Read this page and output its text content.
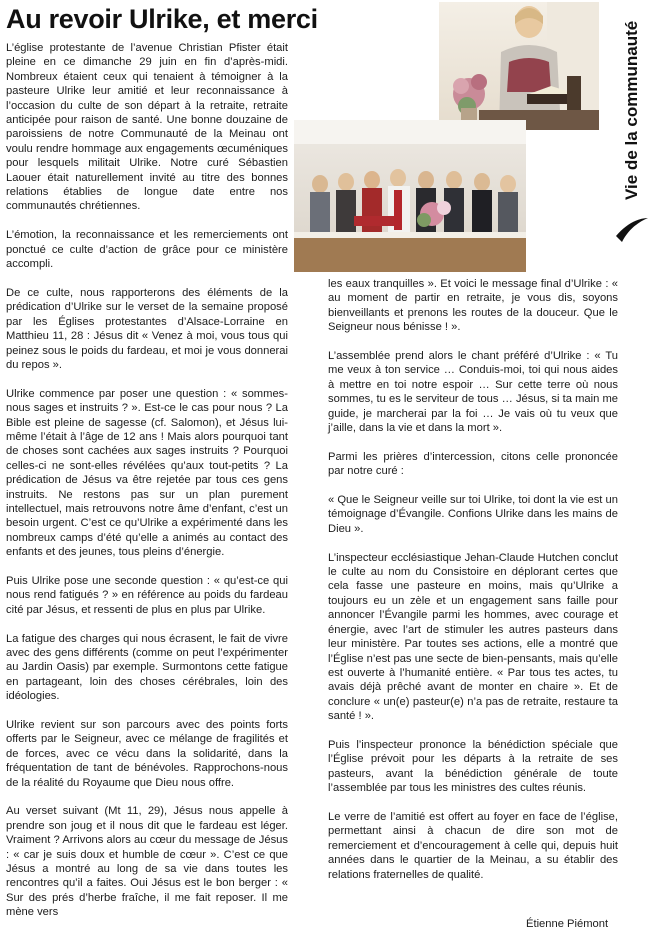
Au revoir Ulrike, et merci
Vie de la communauté

L’église protestante de l’avenue Christian Pfister était pleine en ce dimanche 29 juin en fin d’après-midi. Nombreux étaient ceux qui tenaient à témoigner à la pasteure Ulrike leur amitié et leur reconnaissance à l’occasion du culte de son départ à la retraite, retraite anticipée pour raison de santé. Une bonne douzaine de paroissiens de notre Communauté de la Meinau ont voulu rendre hommage aux engagements œcuméniques pour lesquels militait Ulrike. Notre curé Sébastien Laouer était naturellement invité au titre des bonnes relations établies de longue date entre nos communautés chrétiennes.

L’émotion, la reconnaissance et les remerciements ont ponctué ce culte d’action de grâce pour ce ministère accompli.

De ce culte, nous rapporterons des éléments de la prédication d’Ulrike sur le verset de la semaine proposé par les Églises protestantes d’Alsace-Lorraine en Matthieu 11, 28 : Jésus dit « Venez à moi, vous tous qui peinez sous le poids du fardeau, et moi je vous donnerai du repos ».

Ulrike commence par poser une question : « sommes-nous sages et instruits ? ». Est-ce le cas pour nous ? La Bible est pleine de sagesse (cf. Salomon), et Jésus lui-même l’était à l’âge de 12 ans ! Mais alors pourquoi tant de choses sont cachées aux sages instruits ? Pourquoi celles-ci ne sont-elles révélées qu’aux tout-petits ? La prédication de Jésus va être rejetée par tous ces gens instruits. Ne restons pas sur un plan purement intellectuel, mais retrouvons notre âme d’enfant, c’est un besoin urgent. C’est ce qu’Ulrike a expérimenté dans les nombreux camps d’été qu’elle a animés au contact des enfants et des jeunes, tous pleins d’énergie.

Puis Ulrike pose une seconde question : « qu’est-ce qui nous rend fatigués ? » en référence au poids du fardeau cité par Jésus, et ressenti de plus en plus par Ulrike.

La fatigue des charges qui nous écrasent, le fait de vivre avec des gens différents (comme on peut l’expérimenter au Jardin Oasis) par exemple. Surmontons cette fatigue en partageant, loin des choses cérébrales, loin des idéologies.

Ulrike revient sur son parcours avec des points forts offerts par le Seigneur, avec ce mélange de fragilités et de forces, avec ce vécu dans la solidarité, dans la fréquentation de tant de bénévoles. Rapprochons-nous de la réalité du Royaume que Dieu nous offre.

Au verset suivant (Mt 11, 29), Jésus nous appelle à prendre son joug et il nous dit que le fardeau est léger. Vraiment ? Arrivons alors au cœur du message de Jésus : « car je suis doux et humble de cœur ». C’est ce que Jésus a montré au long de sa vie dans toutes les rencontres qu’il a faites. Oui Jésus est le bon berger : « Sur des prés d’herbe fraîche, il me fait reposer. Il me mène vers

les eaux tranquilles ». Et voici le message final d’Ulrike : « au moment de partir en retraite, je vous dis, soyons bienveillants et prenons les routes de la douceur. Que le Seigneur nous bénisse ! ».

L’assemblée prend alors le chant préféré d’Ulrike : « Tu me veux à ton service … Conduis-moi, toi qui nous aides à mettre en toi notre espoir … Sur cette terre où nous sommes, tu es le serviteur de tous … Jésus, si ta main me guide, je marcherai par la foi … Je vais où tu veux que j’aille, dans la vie et dans la mort ».

Parmi les prières d’intercession, citons celle prononcée par notre curé :

« Que le Seigneur veille sur toi Ulrike, toi dont la vie est un témoignage d’Évangile. Confions Ulrike dans les mains de Dieu ».

L’inspecteur ecclésiastique Jehan-Claude Hutchen conclut le culte au nom du Consistoire en déplorant certes que cela fasse une pasteure en moins, mais qu’Ulrike a toujours eu un zèle et un engagement sans faille pour annoncer l’Évangile parmi les hommes, avec courage et énergie, avec l’art de stimuler les autres pasteurs dans leur ministère. Par toutes ses actions, elle a montré que l’Église n’est pas une secte de bien-pensants, mais qu’elle est ouverte à l’humanité entière. « Par tous tes actes, tu avais déjà prêché avant de monter en chaire ». Et de conclure « un(e) pasteur(e) n’a pas de retraite, restaure ta santé ! ».

Puis l’inspecteur prononce la bénédiction spéciale que l’Église prévoit pour les départs à la retraite de ses pasteurs, avant la bénédiction générale de toute l’assemblée par tous les ministres des cultes réunis.

Le verre de l’amitié est offert au foyer en face de l’église, permettant ainsi à chacun de dire son mot de remerciement et d’encouragement à celle qui, depuis huit années dans le quartier de la Meinau, a su établir des relations fraternelles de qualité.

Étienne Piémont
